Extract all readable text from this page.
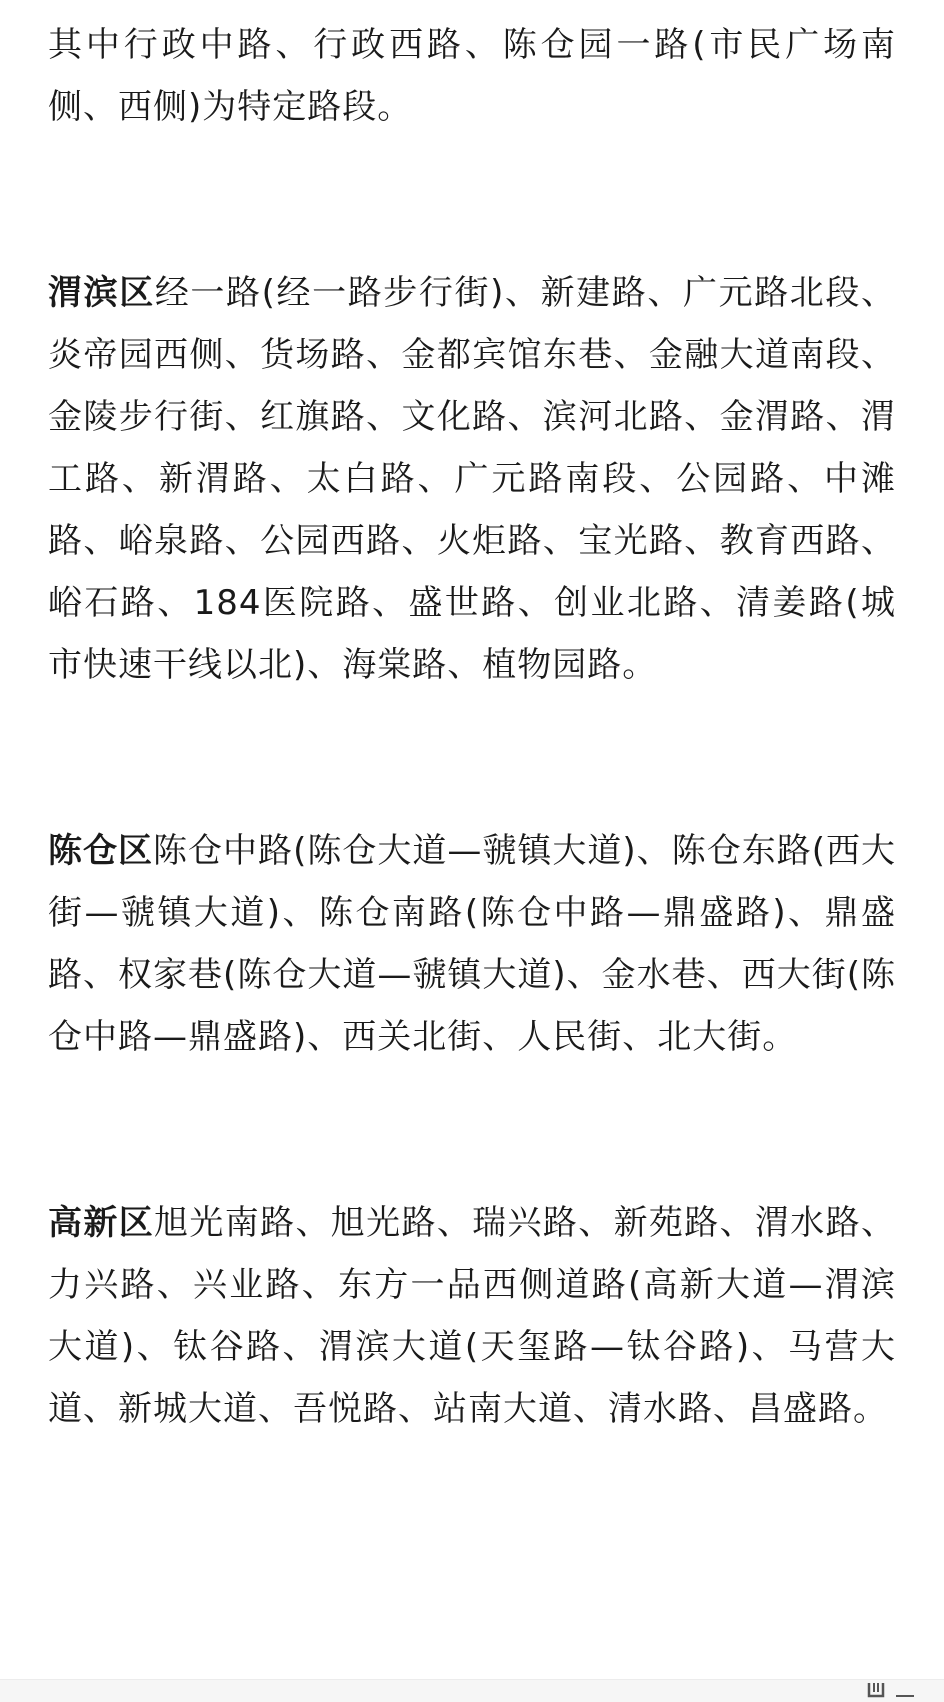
其中行政中路、行政西路、陈仓园一路(市民广场南侧、西侧)为特定路段。

渭滨区经一路(经一路步行街)、新建路、广元路北段、炎帝园西侧、货场路、金都宾馆东巷、金融大道南段、金陵步行街、红旗路、文化路、滨河北路、金渭路、渭工路、新渭路、太白路、广元路南段、公园路、中滩路、峪泉路、公园西路、火炬路、宝光路、教育西路、峪石路、184医院路、盛世路、创业北路、清姜路(城市快速干线以北)、海棠路、植物园路。

陈仓区陈仓中路(陈仓大道—虢镇大道)、陈仓东路(西大街—虢镇大道)、陈仓南路(陈仓中路—鼎盛路)、鼎盛路、权家巷(陈仓大道—虢镇大道)、金水巷、西大街(陈仓中路—鼎盛路)、西关北街、人民街、北大街。

高新区旭光南路、旭光路、瑞兴路、新苑路、渭水路、力兴路、兴业路、东方一品西侧道路(高新大道—渭滨大道)、钛谷路、渭滨大道(天玺路—钛谷路)、马营大道、新城大道、吾悦路、站南大道、清水路、昌盛路。
